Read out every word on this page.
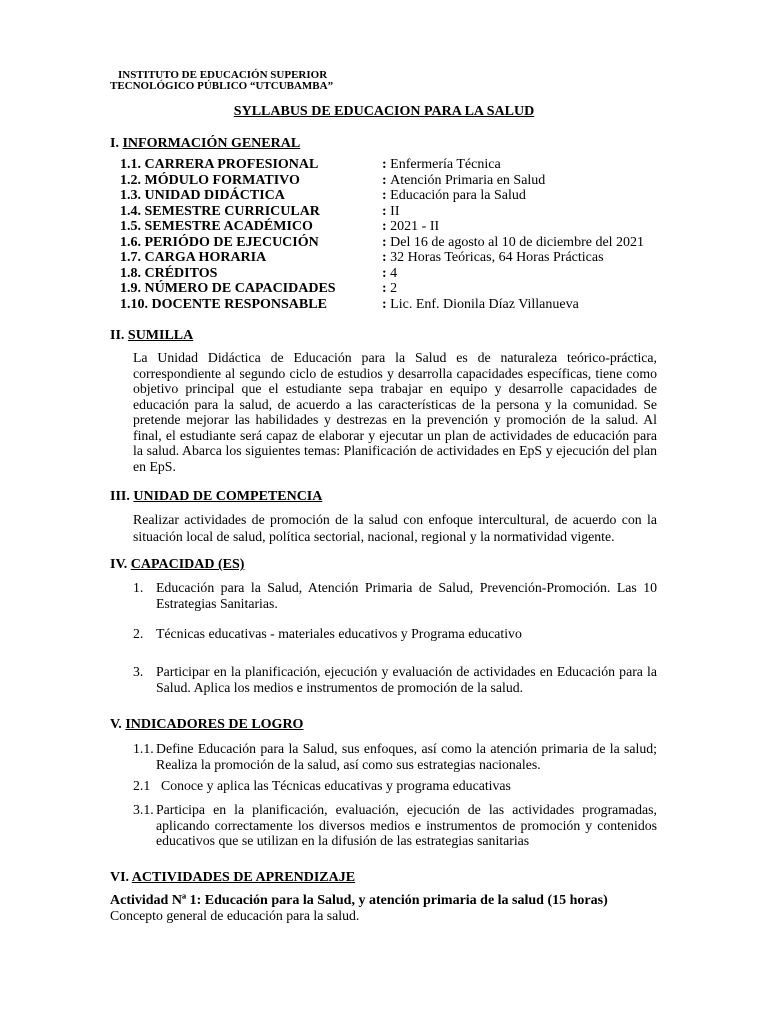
INSTITUTO DE EDUCACIÓN SUPERIOR
TECNOLÓGICO PÚBLICO “UTCUBAMBA”
SYLLABUS DE EDUCACION PARA LA SALUD
I. INFORMACIÓN GENERAL
1.1. CARRERA PROFESIONAL	: Enfermería Técnica
1.2. MÓDULO FORMATIVO	: Atención Primaria en Salud
1.3. UNIDAD DIDÁCTICA	: Educación para la Salud
1.4. SEMESTRE CURRICULAR	: II
1.5. SEMESTRE ACADÉMICO	: 2021 - II
1.6. PERIÓDO DE EJECUCIÓN	: Del 16 de agosto al 10 de diciembre del 2021
1.7. CARGA HORARIA	: 32 Horas Teóricas, 64 Horas Prácticas
1.8. CRÉDITOS	: 4
1.9. NÚMERO DE CAPACIDADES	: 2
1.10. DOCENTE RESPONSABLE	: Lic. Enf. Dionila Díaz Villanueva
II. SUMILLA
La Unidad Didáctica de Educación para la Salud es de naturaleza teórico-práctica, correspondiente al segundo ciclo de estudios y desarrolla capacidades específicas, tiene como objetivo principal que el estudiante sepa trabajar en equipo y desarrolle capacidades de educación para la salud, de acuerdo a las características de la persona y la comunidad. Se pretende mejorar las habilidades y destrezas en la prevención y promoción de la salud. Al final, el estudiante será capaz de elaborar y ejecutar un plan de actividades de educación para la salud. Abarca los siguientes temas: Planificación de actividades en EpS y ejecución del plan en EpS.
III. UNIDAD DE COMPETENCIA
Realizar actividades de promoción de la salud con enfoque intercultural, de acuerdo con la situación local de salud, política sectorial, nacional, regional y la normatividad vigente.
IV. CAPACIDAD (ES)
1. Educación para la Salud, Atención Primaria de Salud, Prevención-Promoción. Las 10 Estrategias Sanitarias.
2. Técnicas educativas - materiales educativos y Programa educativo
3. Participar en la planificación, ejecución y evaluación de actividades en Educación para la Salud. Aplica los medios e instrumentos de promoción de la salud.
V. INDICADORES DE LOGRO
1.1. Define Educación para la Salud, sus enfoques, así como la atención primaria de la salud; Realiza la promoción de la salud, así como sus estrategias nacionales.
2.1 Conoce y aplica las Técnicas educativas y programa educativas
3.1. Participa en la planificación, evaluación, ejecución de las actividades programadas, aplicando correctamente los diversos medios e instrumentos de promoción y contenidos educativos que se utilizan en la difusión de las estrategias sanitarias
VI. ACTIVIDADES DE APRENDIZAJE
Actividad Nª 1: Educación para la Salud, y atención primaria de la salud (15 horas)
Concepto general de educación para la salud.
